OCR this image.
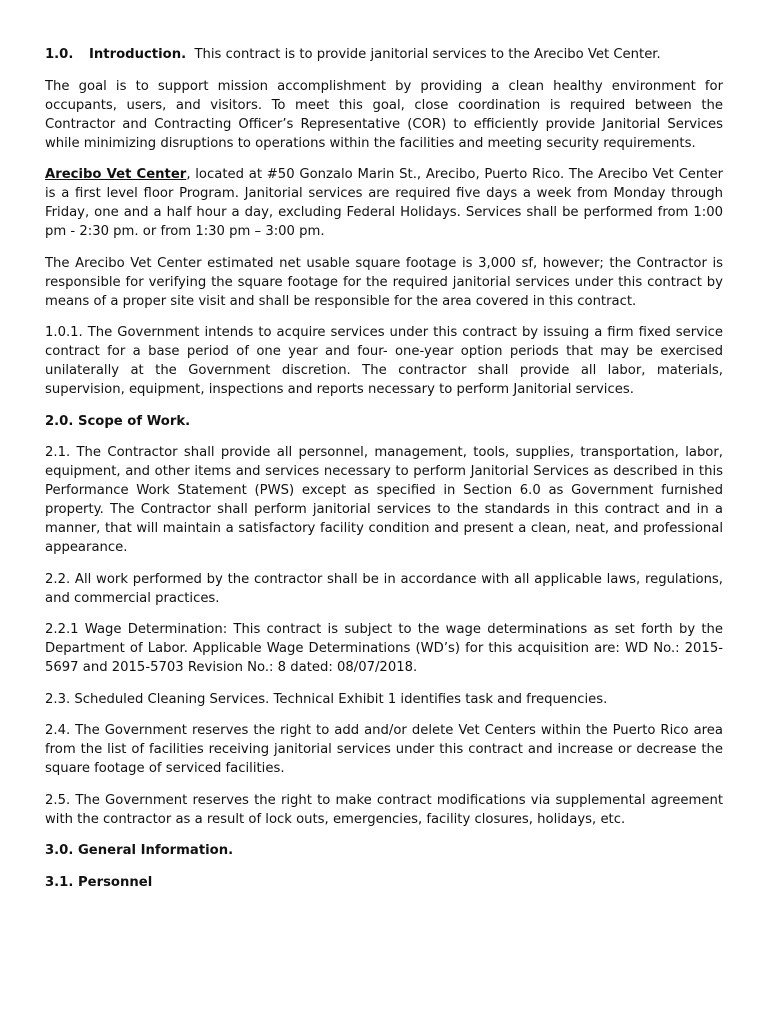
1.0. Introduction. This contract is to provide janitorial services to the Arecibo Vet Center.

The goal is to support mission accomplishment by providing a clean healthy environment for occupants, users, and visitors. To meet this goal, close coordination is required between the Contractor and Contracting Officer’s Representative (COR) to efficiently provide Janitorial Services while minimizing disruptions to operations within the facilities and meeting security requirements.

Arecibo Vet Center, located at #50 Gonzalo Marin St., Arecibo, Puerto Rico. The Arecibo Vet Center is a first level floor Program. Janitorial services are required five days a week from Monday through Friday, one and a half hour a day, excluding Federal Holidays. Services shall be performed from 1:00 pm - 2:30 pm. or from 1:30 pm – 3:00 pm.

The Arecibo Vet Center estimated net usable square footage is 3,000 sf, however; the Contractor is responsible for verifying the square footage for the required janitorial services under this contract by means of a proper site visit and shall be responsible for the area covered in this contract.

1.0.1. The Government intends to acquire services under this contract by issuing a firm fixed service contract for a base period of one year and four- one-year option periods that may be exercised unilaterally at the Government discretion. The contractor shall provide all labor, materials, supervision, equipment, inspections and reports necessary to perform Janitorial services.

2.0. Scope of Work.

2.1. The Contractor shall provide all personnel, management, tools, supplies, transportation, labor, equipment, and other items and services necessary to perform Janitorial Services as described in this Performance Work Statement (PWS) except as specified in Section 6.0 as Government furnished property. The Contractor shall perform janitorial services to the standards in this contract and in a manner, that will maintain a satisfactory facility condition and present a clean, neat, and professional appearance.

2.2. All work performed by the contractor shall be in accordance with all applicable laws, regulations, and commercial practices.

2.2.1 Wage Determination: This contract is subject to the wage determinations as set forth by the Department of Labor. Applicable Wage Determinations (WD’s) for this acquisition are: WD No.: 2015-5697 and 2015-5703 Revision No.: 8 dated: 08/07/2018.

2.3. Scheduled Cleaning Services. Technical Exhibit 1 identifies task and frequencies.

2.4. The Government reserves the right to add and/or delete Vet Centers within the Puerto Rico area from the list of facilities receiving janitorial services under this contract and increase or decrease the square footage of serviced facilities.

2.5. The Government reserves the right to make contract modifications via supplemental agreement with the contractor as a result of lock outs, emergencies, facility closures, holidays, etc.

3.0. General Information.

3.1. Personnel
